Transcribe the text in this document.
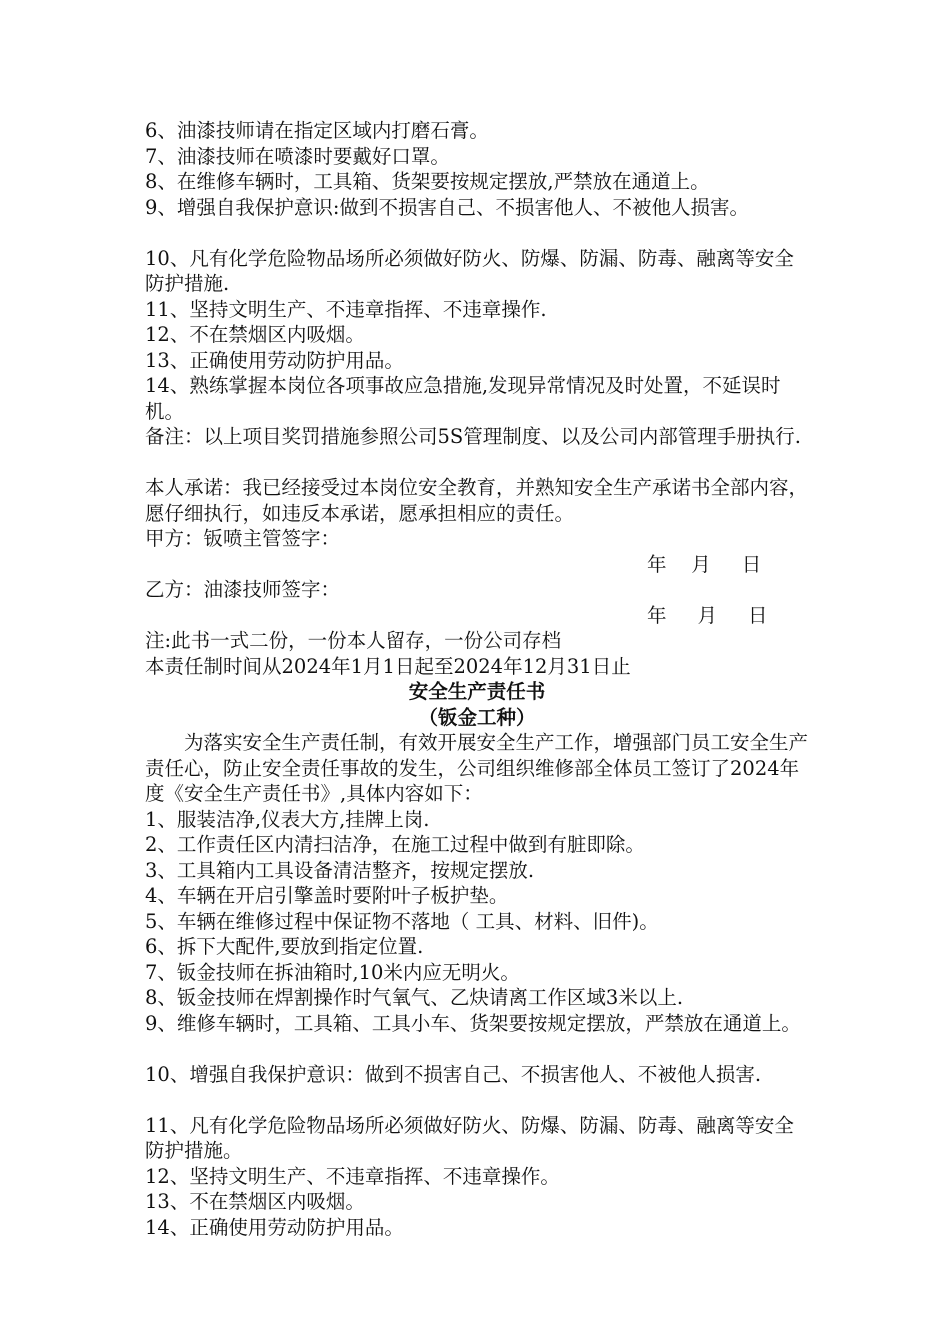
6、油漆技师请在指定区域内打磨石膏。
7、油漆技师在喷漆时要戴好口罩。
8、在维修车辆时，工具箱、货架要按规定摆放,严禁放在通道上。
9、增强自我保护意识:做到不损害自己、不损害他人、不被他人损害。
10、凡有化学危险物品场所必须做好防火、防爆、防漏、防毒、融离等安全防护措施.
11、坚持文明生产、不违章指挥、不违章操作.
12、不在禁烟区内吸烟。
13、正确使用劳动防护用品。
14、熟练掌握本岗位各项事故应急措施,发现异常情况及时处置，不延误时机。
备注：以上项目奖罚措施参照公司5S管理制度、以及公司内部管理手册执行.
本人承诺：我已经接受过本岗位安全教育，并熟知安全生产承诺书全部内容，愿仔细执行，如违反本承诺，愿承担相应的责任。
甲方：钣喷主管签字：
年    月     日
乙方：油漆技师签字：
年     月     日
注:此书一式二份，一份本人留存，一份公司存档
本责任制时间从2024年1月1日起至2024年12月31日止
安全生产责任书
（钣金工种）
为落实安全生产责任制，有效开展安全生产工作，增强部门员工安全生产责任心，防止安全责任事故的发生，公司组织维修部全体员工签订了2024年度《安全生产责任书》,具体内容如下：
1、服装洁净,仪表大方,挂牌上岗.
2、工作责任区内清扫洁净，在施工过程中做到有脏即除。
3、工具箱内工具设备清洁整齐，按规定摆放.
4、车辆在开启引擎盖时要附叶子板护垫。
5、车辆在维修过程中保证物不落地（ 工具、材料、旧件)。
6、拆下大配件,要放到指定位置.
7、钣金技师在拆油箱时,10米内应无明火。
8、钣金技师在焊割操作时气氧气、乙炔请离工作区域3米以上.
9、维修车辆时，工具箱、工具小车、货架要按规定摆放，严禁放在通道上。
10、增强自我保护意识：做到不损害自己、不损害他人、不被他人损害.
11、凡有化学危险物品场所必须做好防火、防爆、防漏、防毒、融离等安全防护措施。
12、坚持文明生产、不违章指挥、不违章操作。
13、不在禁烟区内吸烟。
14、正确使用劳动防护用品。
